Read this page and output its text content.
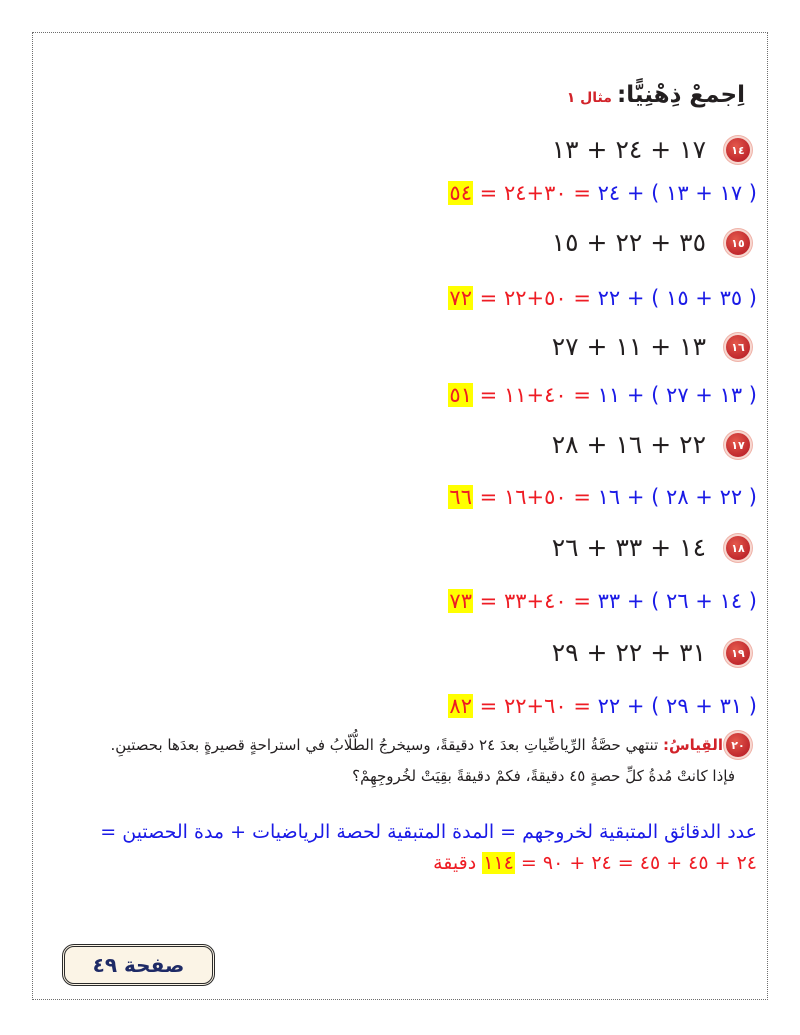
اِجمعْ ذِهْنِيًّا: مثال ١
١٤
١٧ + ٢٤ + ١٣
( ١٧ + ١٣ ) + ٢٤ = ٣٠+٢٤ = ٥٤
١٥
٣٥ + ٢٢ + ١٥
( ٣٥ + ١٥ ) + ٢٢ = ٥٠+٢٢ = ٧٢
١٦
١٣ + ١١ + ٢٧
( ١٣ + ٢٧ ) + ١١ = ٤٠+١١ = ٥١
١٧
٢٢ + ١٦ + ٢٨
( ٢٢ + ٢٨ ) + ١٦ = ٥٠+١٦ = ٦٦
١٨
١٤ + ٣٣ + ٢٦
( ١٤ + ٢٦ ) + ٣٣ = ٤٠+٣٣ = ٧٣
١٩
٣١ + ٢٢ + ٢٩
( ٣١ + ٢٩ ) + ٢٢ = ٦٠+٢٢ = ٨٢
٢٠
القِياسُ: تنتهي حصَّةُ الرِّياضِّياتِ بعدَ ٢٤ دقيقةً، وسيخرجُ الطُّلّابُ في استراحةٍ قصيرةٍ بعدَها بحصتينِ.
فإذا كانتْ مُدةُ كلِّ حصةٍ ٤٥ دقيقةً، فكمْ دقيقةً بقِيَتْ لخُروجِهِمْ؟
عدد الدقائق المتبقية لخروجهم = المدة المتبقية لحصة الرياضيات + مدة الحصتين =
٢٤ + ٤٥ + ٤٥ = ٢٤ + ٩٠ = ١١٤ دقيقة
صفحة ٤٩
